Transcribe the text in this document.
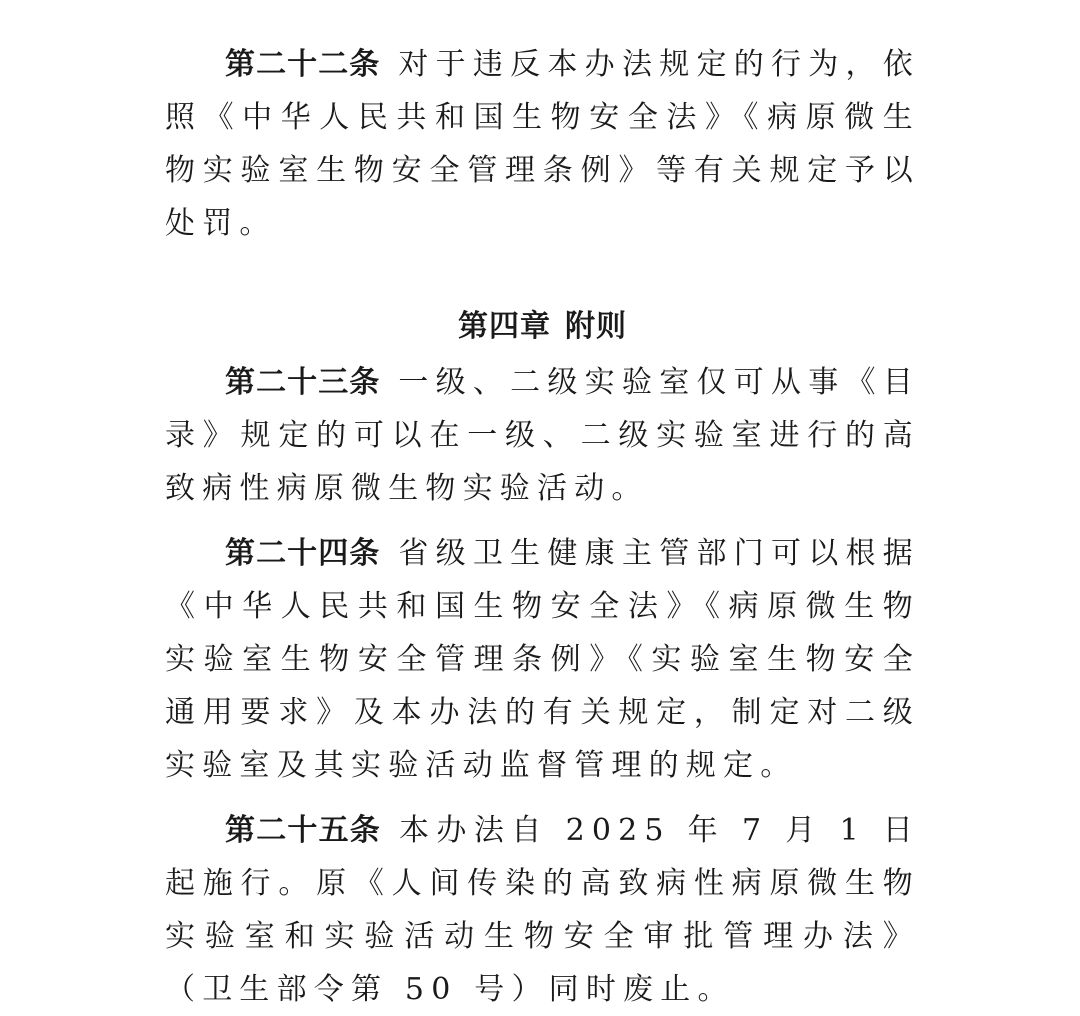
第二十二条 对于违反本办法规定的行为，依照《中华人民共和国生物安全法》《病原微生物实验室生物安全管理条例》等有关规定予以处罚。

第四章 附则

第二十三条 一级、二级实验室仅可从事《目录》规定的可以在一级、二级实验室进行的高致病性病原微生物实验活动。

第二十四条 省级卫生健康主管部门可以根据《中华人民共和国生物安全法》《病原微生物实验室生物安全管理条例》《实验室生物安全通用要求》及本办法的有关规定，制定对二级实验室及其实验活动监督管理的规定。

第二十五条 本办法自 2025 年 7 月 1 日起施行。原《人间传染的高致病性病原微生物实验室和实验活动生物安全审批管理办法》（卫生部令第 50 号）同时废止。
